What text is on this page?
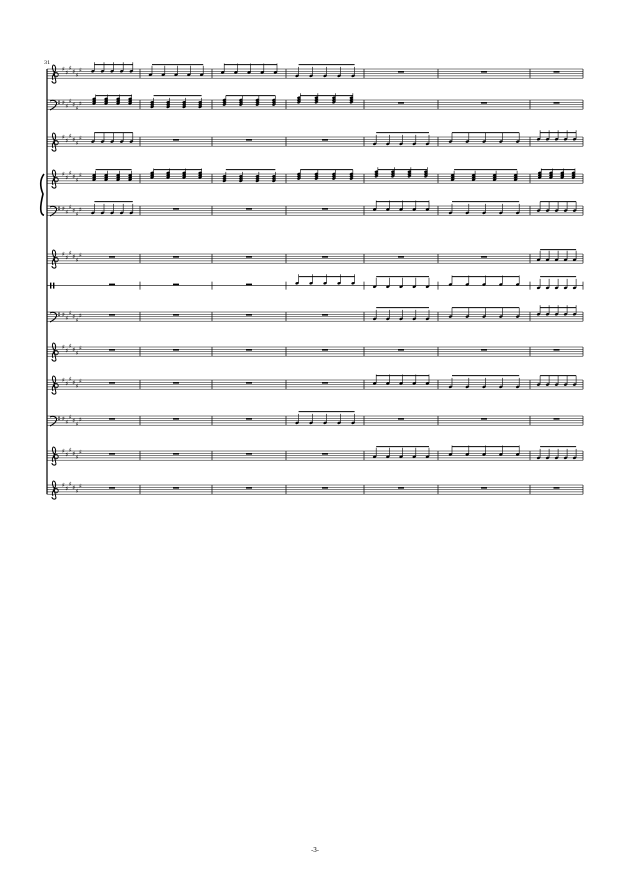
31
♯ ♯
♯ ♯ ♯
♯
♯ ♯
♯ ♯ ♯
♯
♯ ♯
♯ ♯ ♯
♯
♯ ♯
♯ ♯ ♯
♯
♯ ♯
♯ ♯ ♯
♯
♯ ♯
♯ ♯ ♯
♯
♯ ♯
♯ ♯ ♯
♯
♯ ♯
♯ ♯ ♯
♯
♯ ♯
♯ ♯ ♯
♯
♯ ♯
♯ ♯ ♯
♯
♯ ♯
♯ ♯ ♯
♯
♯ ♯
♯ ♯ ♯
♯
-3-
